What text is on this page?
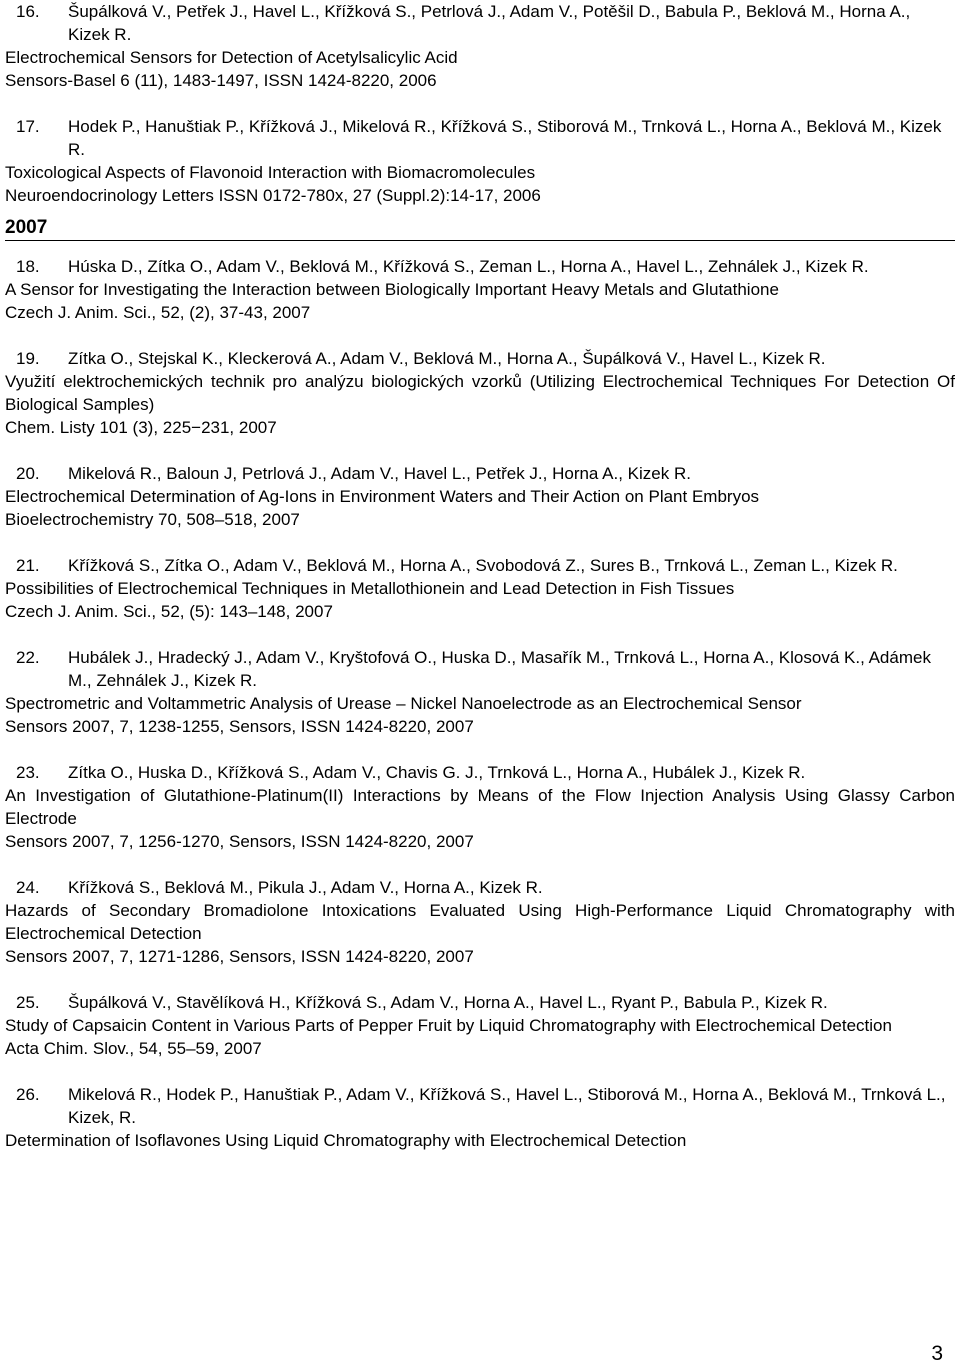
16. Šupálková V., Petřek J., Havel L., Křížková S., Petrlová J., Adam V., Potěšil D., Babula P., Beklová M., Horna A., Kizek R.

Electrochemical Sensors for Detection of Acetylsalicylic Acid

Sensors-Basel 6 (11), 1483-1497, ISSN 1424-8220, 2006

17. Hodek P., Hanuštiak P., Křížková J., Mikelová R., Křížková S., Stiborová M., Trnková L., Horna A., Beklová M., Kizek R.

Toxicological Aspects of Flavonoid Interaction with Biomacromolecules

Neuroendocrinology Letters ISSN 0172-780x, 27 (Suppl.2):14-17, 2006

2007

18. Húska D., Zítka O., Adam V., Beklová M., Křížková S., Zeman L., Horna A., Havel L., Zehnálek J., Kizek R.

A Sensor for Investigating the Interaction between Biologically Important Heavy Metals and Glutathione

Czech J. Anim. Sci., 52, (2), 37-43, 2007

19. Zítka O., Stejskal K., Kleckerová A., Adam V., Beklová M., Horna A., Šupálková V., Havel L., Kizek R.

Využití elektrochemických technik pro analýzu biologických vzorků (Utilizing Electrochemical Techniques For Detection Of Biological Samples)

Chem. Listy 101 (3), 225−231, 2007

20. Mikelová R., Baloun J, Petrlová J., Adam V., Havel L., Petřek J., Horna A., Kizek R.

Electrochemical Determination of Ag-Ions in Environment Waters and Their Action on Plant Embryos

Bioelectrochemistry 70, 508–518, 2007

21. Křížková S., Zítka O., Adam V., Beklová M., Horna A., Svobodová Z., Sures B., Trnková L., Zeman L., Kizek R.

Possibilities of Electrochemical Techniques in Metallothionein and Lead Detection in Fish Tissues

Czech J. Anim. Sci., 52, (5): 143–148, 2007

22. Hubálek J., Hradecký J., Adam V., Kryštofová O., Huska D., Masařík M., Trnková L., Horna A., Klosová K., Adámek M., Zehnálek J., Kizek R.

Spectrometric and Voltammetric Analysis of Urease – Nickel Nanoelectrode as an Electrochemical Sensor

Sensors 2007, 7, 1238-1255, Sensors, ISSN 1424-8220, 2007

23. Zítka O., Huska D., Křížková S., Adam V., Chavis G. J., Trnková L., Horna A., Hubálek J., Kizek R.

An Investigation of Glutathione-Platinum(II) Interactions by Means of the Flow Injection Analysis Using Glassy Carbon Electrode

Sensors 2007, 7, 1256-1270, Sensors, ISSN 1424-8220, 2007

24. Křížková S., Beklová M., Pikula J., Adam V., Horna A., Kizek R.

Hazards of Secondary Bromadiolone Intoxications Evaluated Using High-Performance Liquid Chromatography with Electrochemical Detection

Sensors 2007, 7, 1271-1286, Sensors, ISSN 1424-8220, 2007

25. Šupálková V., Stavělíková H., Křížková S., Adam V., Horna A., Havel L., Ryant P., Babula P., Kizek R.

Study of Capsaicin Content in Various Parts of Pepper Fruit by Liquid Chromatography with Electrochemical Detection

Acta Chim. Slov., 54, 55–59, 2007

26. Mikelová R., Hodek P., Hanuštiak P., Adam V., Křížková S., Havel L., Stiborová M., Horna A., Beklová M., Trnková L., Kizek, R.

Determination of Isoflavones Using Liquid Chromatography with Electrochemical Detection

3
